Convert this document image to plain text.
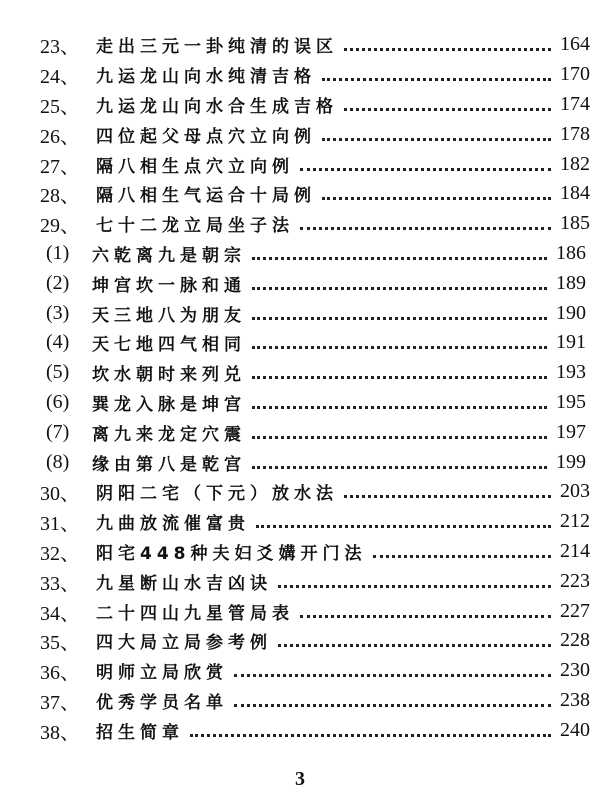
23、 走出三元一卦纯清的误区	164
24、 九运龙山向水纯清吉格	170
25、 九运龙山向水合生成吉格	174
26、 四位起父母点穴立向例	178
27、 隔八相生点穴立向例	182
28、 隔八相生气运合十局例	184
29、 七十二龙立局坐子法	185
(1)	六乾离九是朝宗	186
(2)	坤宫坎一脉和通	189
(3)	天三地八为朋友	190
(4)	天七地四气相同	191
(5)	坎水朝时来列兑	193
(6)	巽龙入脉是坤宫	195
(7)	离九来龙定穴震	197
(8)	缘由第八是乾宫	199
30、 阴阳二宅（下元）放水法	203
31、 九曲放流催富贵	212
32、 阳宅448种夫妇爻媾开门法	214
33、 九星断山水吉凶诀	223
34、 二十四山九星管局表	227
35、 四大局立局参考例	228
36、 明师立局欣赏	230
37、 优秀学员名单	238
38、 招生简章	240
3
